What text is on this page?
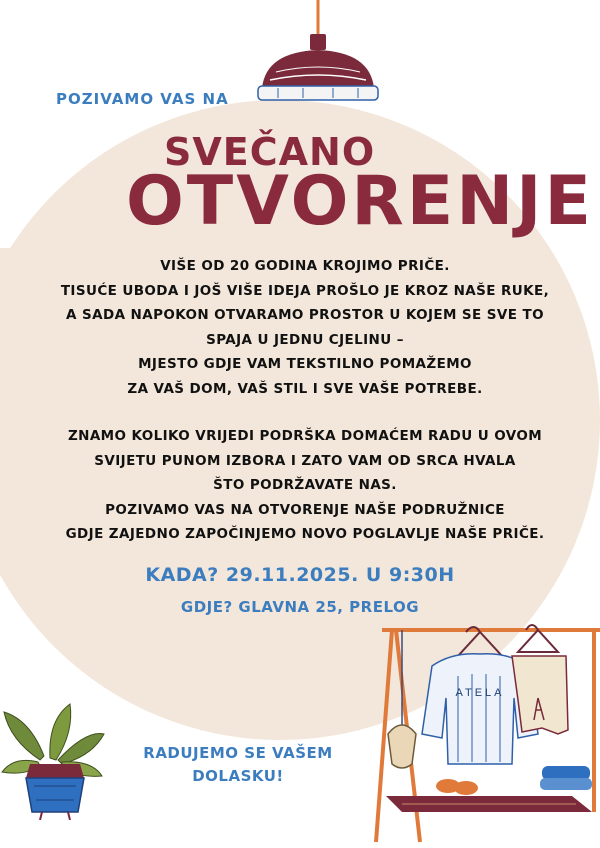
POZIVAMO VAS NA
SVEČANO
OTVORENJE
VIŠE OD 20 GODINA KROJIMO PRIČE.
TISUĆE UBODA I JOŠ VIŠE IDEJA PROŠLO JE KROZ NAŠE RUKE,
A SADA NAPOKON OTVARAMO PROSTOR U KOJEM SE SVE TO
SPAJA U JEDNU CJELINU –
MJESTO GDJE VAM TEKSTILNO POMAŽEMO
ZA VAŠ DOM, VAŠ STIL I SVE VAŠE POTREBE.
ZNAMO KOLIKO VRIJEDI PODRŠKA DOMAĆEM RADU U OVOM
SVIJETU PUNOM IZBORA I ZATO VAM OD SRCA HVALA
ŠTO PODRŽAVATE NAS.
POZIVAMO VAS NA OTVORENJE NAŠE PODRUŽNICE
GDJE ZAJEDNO ZAPOČINJEMO NOVO POGLAVLJE NAŠE PRIČE.
KADA? 29.11.2025. U 9:30H
GDJE? GLAVNA 25, PRELOG
RADUJEMO SE VAŠEM
DOLASKU!
ATELA
